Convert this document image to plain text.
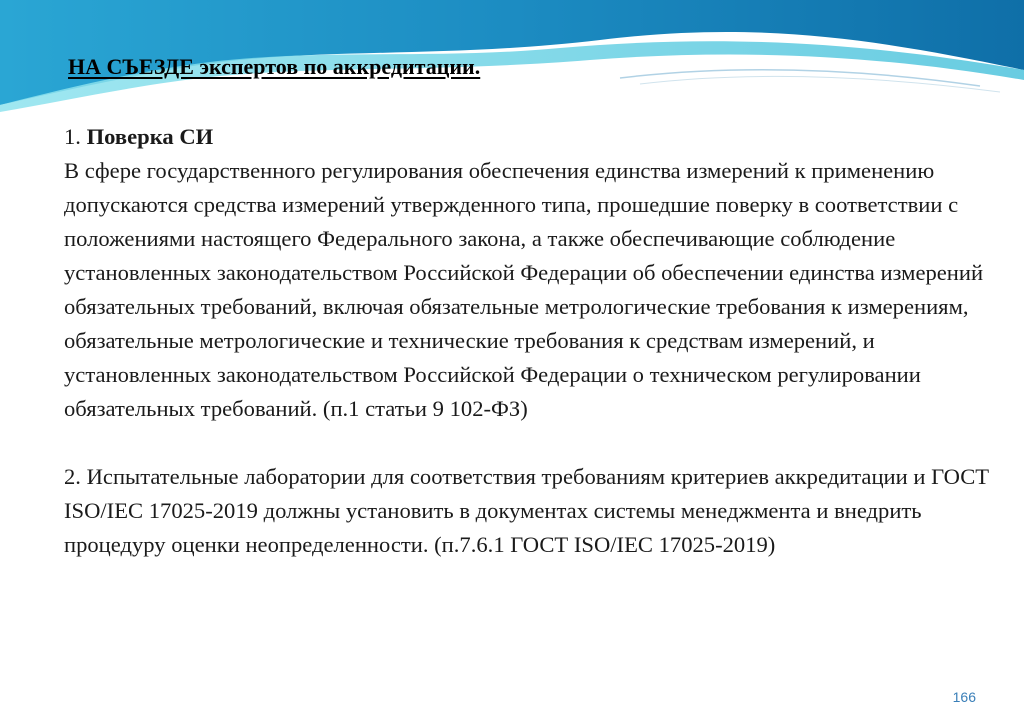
НА СЪЕЗДЕ экспертов по аккредитации.

1. Поверка СИ

В сфере государственного регулирования обеспечения единства измерений к применению допускаются средства измерений утвержденного типа, прошедшие поверку в соответствии с положениями настоящего Федерального закона, а также обеспечивающие соблюдение установленных законодательством Российской Федерации об обеспечении единства измерений обязательных требований, включая обязательные метрологические требования к измерениям, обязательные метрологические и технические требования к средствам измерений, и установленных законодательством Российской Федерации о техническом регулировании обязательных требований. (п.1 статьи 9 102-ФЗ)

2. Испытательные лаборатории для соответствия требованиям критериев аккредитации и ГОСТ ISO/IEC 17025-2019 должны установить в документах системы менеджмента и внедрить процедуру оценки неопределенности. (п.7.6.1 ГОСТ ISO/IEC 17025-2019)

166
